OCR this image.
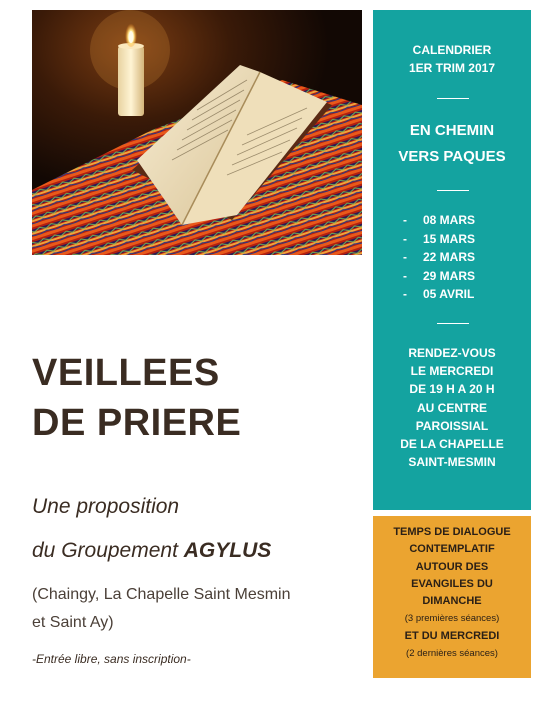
CALENDRIER
1ER TRIM 2017
EN CHEMIN
VERS PAQUES
- 08 MARS
- 15 MARS
- 22 MARS
- 29 MARS
- 05 AVRIL
RENDEZ-VOUS
LE MERCREDI
DE 19 H A 20 H
AU CENTRE
PAROISSIAL
DE LA CHAPELLE
SAINT-MESMIN
TEMPS DE DIALOGUE
CONTEMPLATIF
AUTOUR DES
EVANGILES DU
DIMANCHE
(3 premières séances)
ET DU MERCREDI
(2 dernières séances)
VEILLEES
DE PRIERE
Une proposition
du Groupement AGYLUS
(Chaingy, La Chapelle Saint Mesmin
et Saint Ay)
-Entrée libre, sans inscription-
